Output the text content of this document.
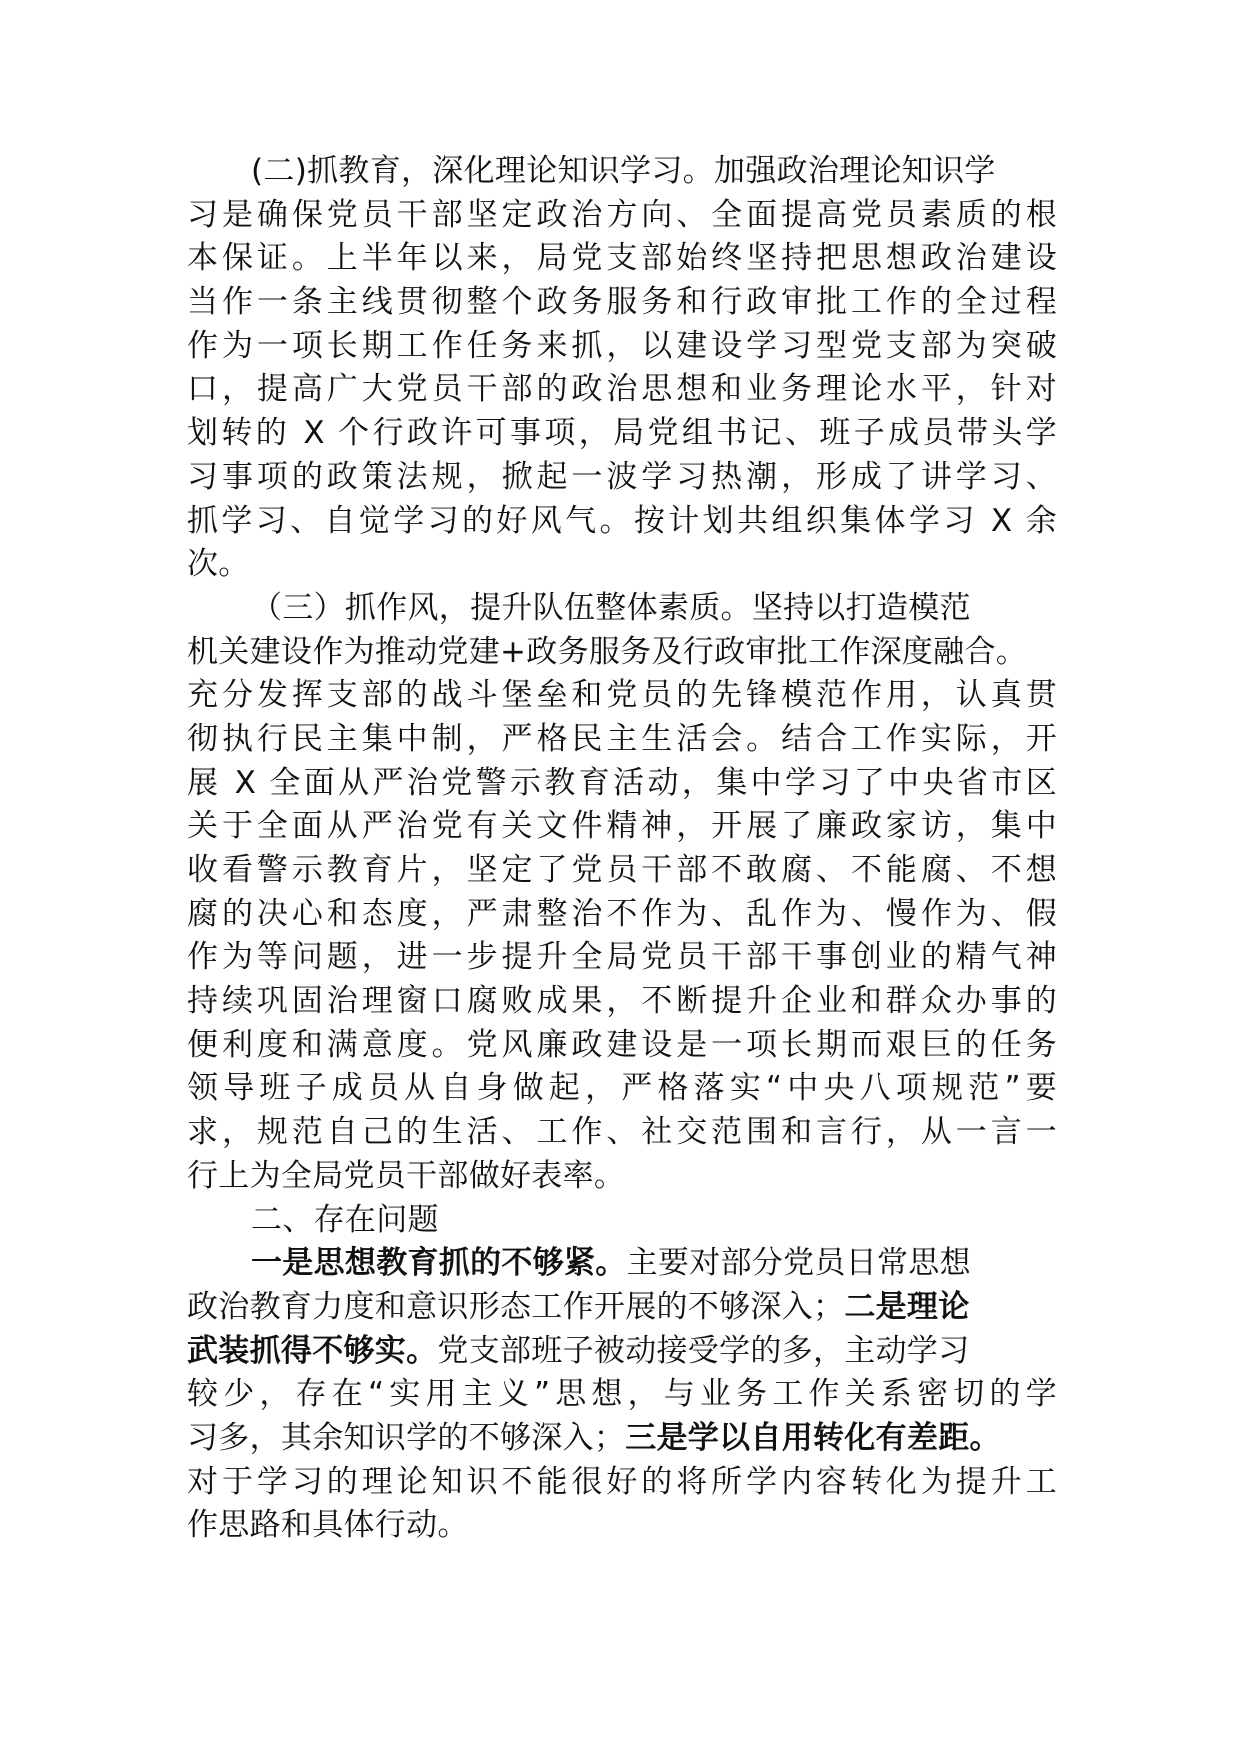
(二)抓教育，深化理论知识学习。加强政治理论知识学
习是确保党员干部坚定政治方向、全面提高党员素质的根
本保证。上半年以来，局党支部始终坚持把思想政治建设
当作一条主线贯彻整个政务服务和行政审批工作的全过程
作为一项长期工作任务来抓，以建设学习型党支部为突破
口，提高广大党员干部的政治思想和业务理论水平，针对
划转的 X 个行政许可事项，局党组书记、班子成员带头学
习事项的政策法规，掀起一波学习热潮，形成了讲学习、
抓学习、自觉学习的好风气。按计划共组织集体学习 X 余
次。
（三）抓作风，提升队伍整体素质。坚持以打造模范
机关建设作为推动党建+政务服务及行政审批工作深度融合。
充分发挥支部的战斗堡垒和党员的先锋模范作用，认真贯
彻执行民主集中制，严格民主生活会。结合工作实际，开
展 X 全面从严治党警示教育活动，集中学习了中央省市区
关于全面从严治党有关文件精神，开展了廉政家访，集中
收看警示教育片，坚定了党员干部不敢腐、不能腐、不想
腐的决心和态度，严肃整治不作为、乱作为、慢作为、假
作为等问题，进一步提升全局党员干部干事创业的精气神
持续巩固治理窗口腐败成果，不断提升企业和群众办事的
便利度和满意度。党风廉政建设是一项长期而艰巨的任务
领导班子成员从自身做起，严格落实“中央八项规范”要
求，规范自己的生活、工作、社交范围和言行，从一言一
行上为全局党员干部做好表率。
二、存在问题
一是思想教育抓的不够紧。主要对部分党员日常思想
政治教育力度和意识形态工作开展的不够深入；二是理论
武装抓得不够实。党支部班子被动接受学的多，主动学习
较少，存在“实用主义”思想，与业务工作关系密切的学
习多，其余知识学的不够深入；三是学以自用转化有差距。
对于学习的理论知识不能很好的将所学内容转化为提升工
作思路和具体行动。
